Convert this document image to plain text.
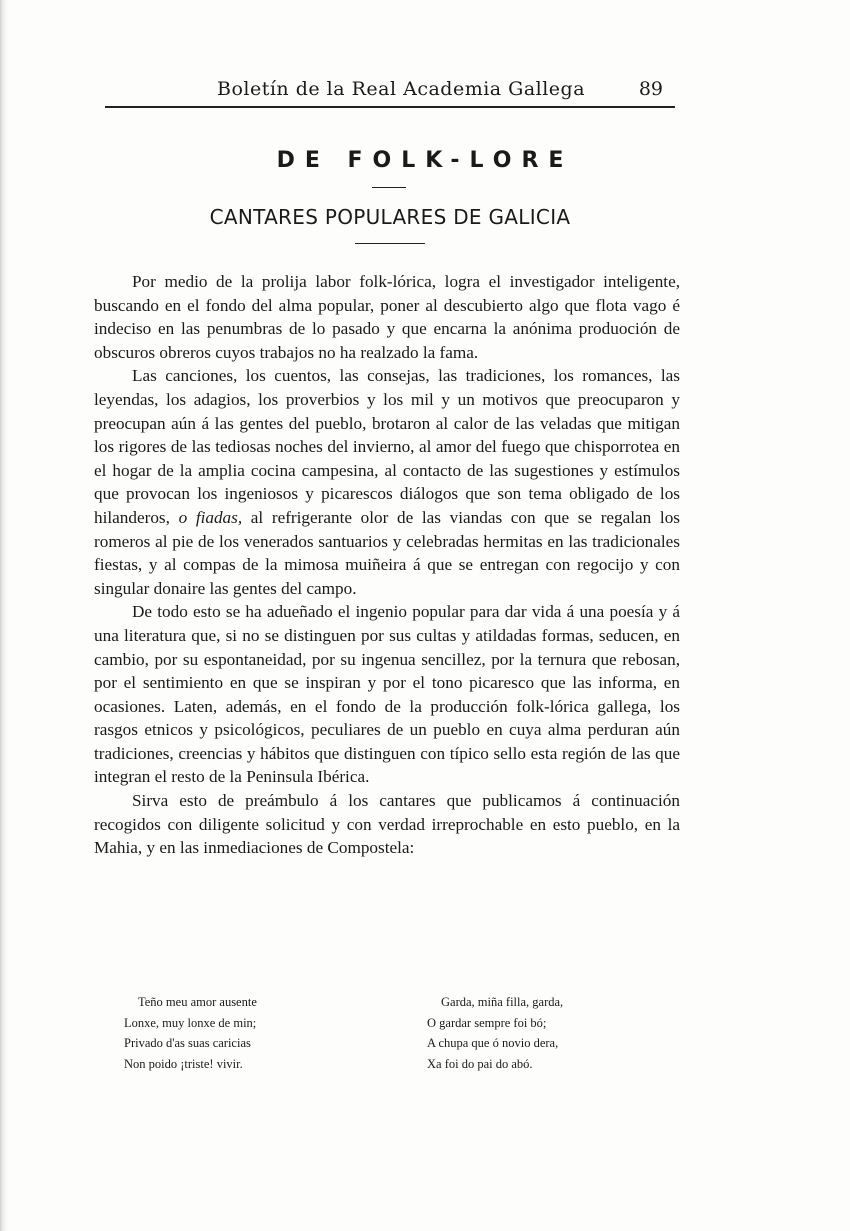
Boletín de la Real Academia Gallega	89
DE FOLK-LORE
CANTARES POPULARES DE GALICIA

Por medio de la prolija labor folk-lórica, logra el investigador inteligente, buscando en el fondo del alma popular, poner al descubierto algo que flota vago é indeciso en las penumbras de lo pasado y que encarna la anónima produoción de obscuros obreros cuyos trabajos no ha realzado la fama.

Las canciones, los cuentos, las consejas, las tradiciones, los romances, las leyendas, los adagios, los proverbios y los mil y un motivos que preocuparon y preocupan aún á las gentes del pueblo, brotaron al calor de las veladas que mitigan los rigores de las tediosas noches del invierno, al amor del fuego que chisporrotea en el hogar de la amplia cocina campesina, al contacto de las sugestiones y estímulos que provocan los ingeniosos y picarescos diálogos que son tema obligado de los hilanderos, o fiadas, al refrigerante olor de las viandas con que se regalan los romeros al pie de los venerados santuarios y celebradas hermitas en las tradicionales fiestas, y al compas de la mimosa muiñeira á que se entregan con regocijo y con singular donaire las gentes del campo.

De todo esto se ha adueñado el ingenio popular para dar vida á una poesía y á una literatura que, si no se distinguen por sus cultas y atildadas formas, seducen, en cambio, por su espontaneidad, por su ingenua sencillez, por la ternura que rebosan, por el sentimiento en que se inspiran y por el tono picaresco que las informa, en ocasiones. Laten, además, en el fondo de la producción folk-lórica gallega, los rasgos etnicos y psicológicos, peculiares de un pueblo en cuya alma perduran aún tradiciones, creencias y hábitos que distinguen con típico sello esta región de las que integran el resto de la Peninsula Ibérica.

Sirva esto de preámbulo á los cantares que publicamos á continuación recogidos con diligente solicitud y con verdad irreprochable en esto pueblo, en la Mahia, y en las inmediaciones de Compostela:

Teño meu amor ausente
Lonxe, muy lonxe de min;
Privado d'as suas caricias
Non poido ¡triste! vivir.
Garda, miña filla, garda,
O gardar sempre foi bó;
A chupa que ó novio dera,
Xa foi do pai do abó.
